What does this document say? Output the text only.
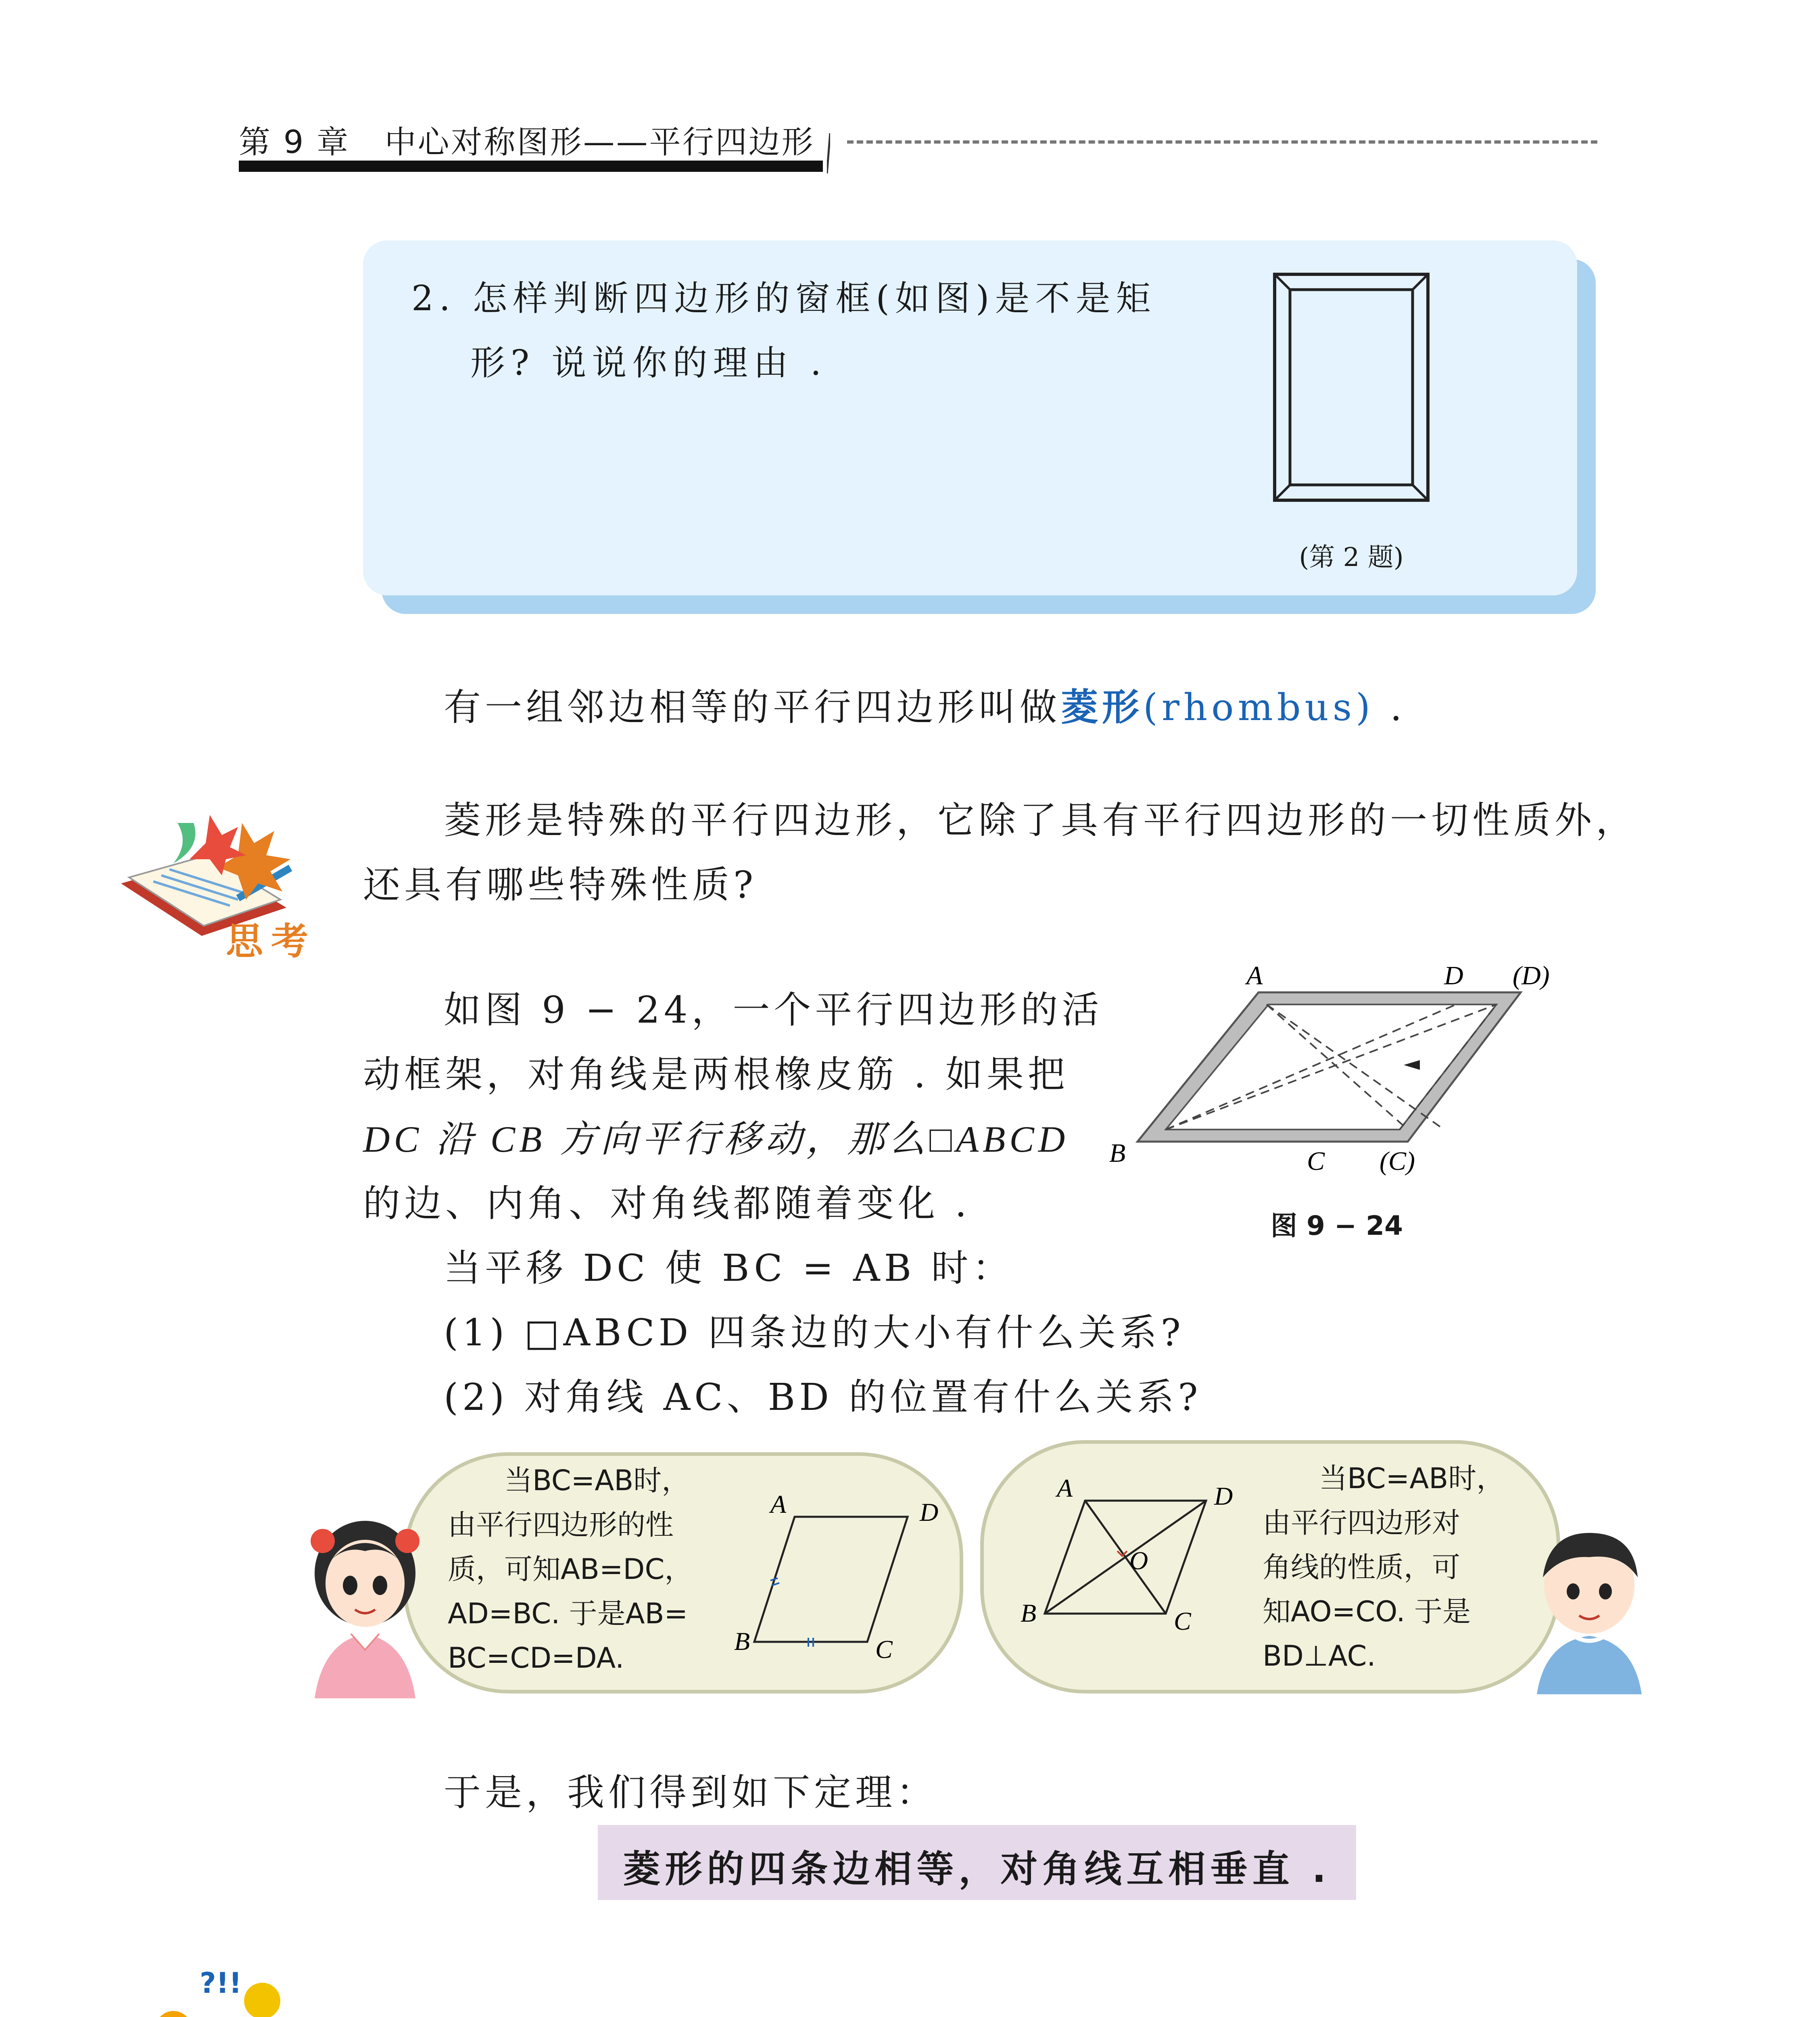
第 9 章 中心对称图形——平行四边形
2. 怎样判断四边形的窗框(如图)是不是矩
形? 说说你的理由 .
(第 2 题)
有一组邻边相等的平行四边形叫做菱形(rhombus) .
思考
菱形是特殊的平行四边形，它除了具有平行四边形的一切性质外，
还具有哪些特殊性质?
如图 9 − 24，一个平行四边形的活
动框架，对角线是两根橡皮筋 . 如果把
DC 沿 CB 方向平行移动，那么□ABCD
的边、内角、对角线都随着变化 .
当平移 DC 使 BC = AB 时：
(1) □ABCD 四条边的大小有什么关系?
(2) 对角线 AC、BD 的位置有什么关系?
A	D (D)
B	C (C)
图 9 − 24
当BC=AB时，
由平行四边形的性
质，可知AB=DC，
AD=BC. 于是AB=
BC=CD=DA.
A	D
B	C
A	D
O
B	C
当BC=AB时，
由平行四边形对
角线的性质，可
知AO=CO. 于是
BD⊥AC.
于是，我们得到如下定理：
菱形的四条边相等，对角线互相垂直 .
?!!
